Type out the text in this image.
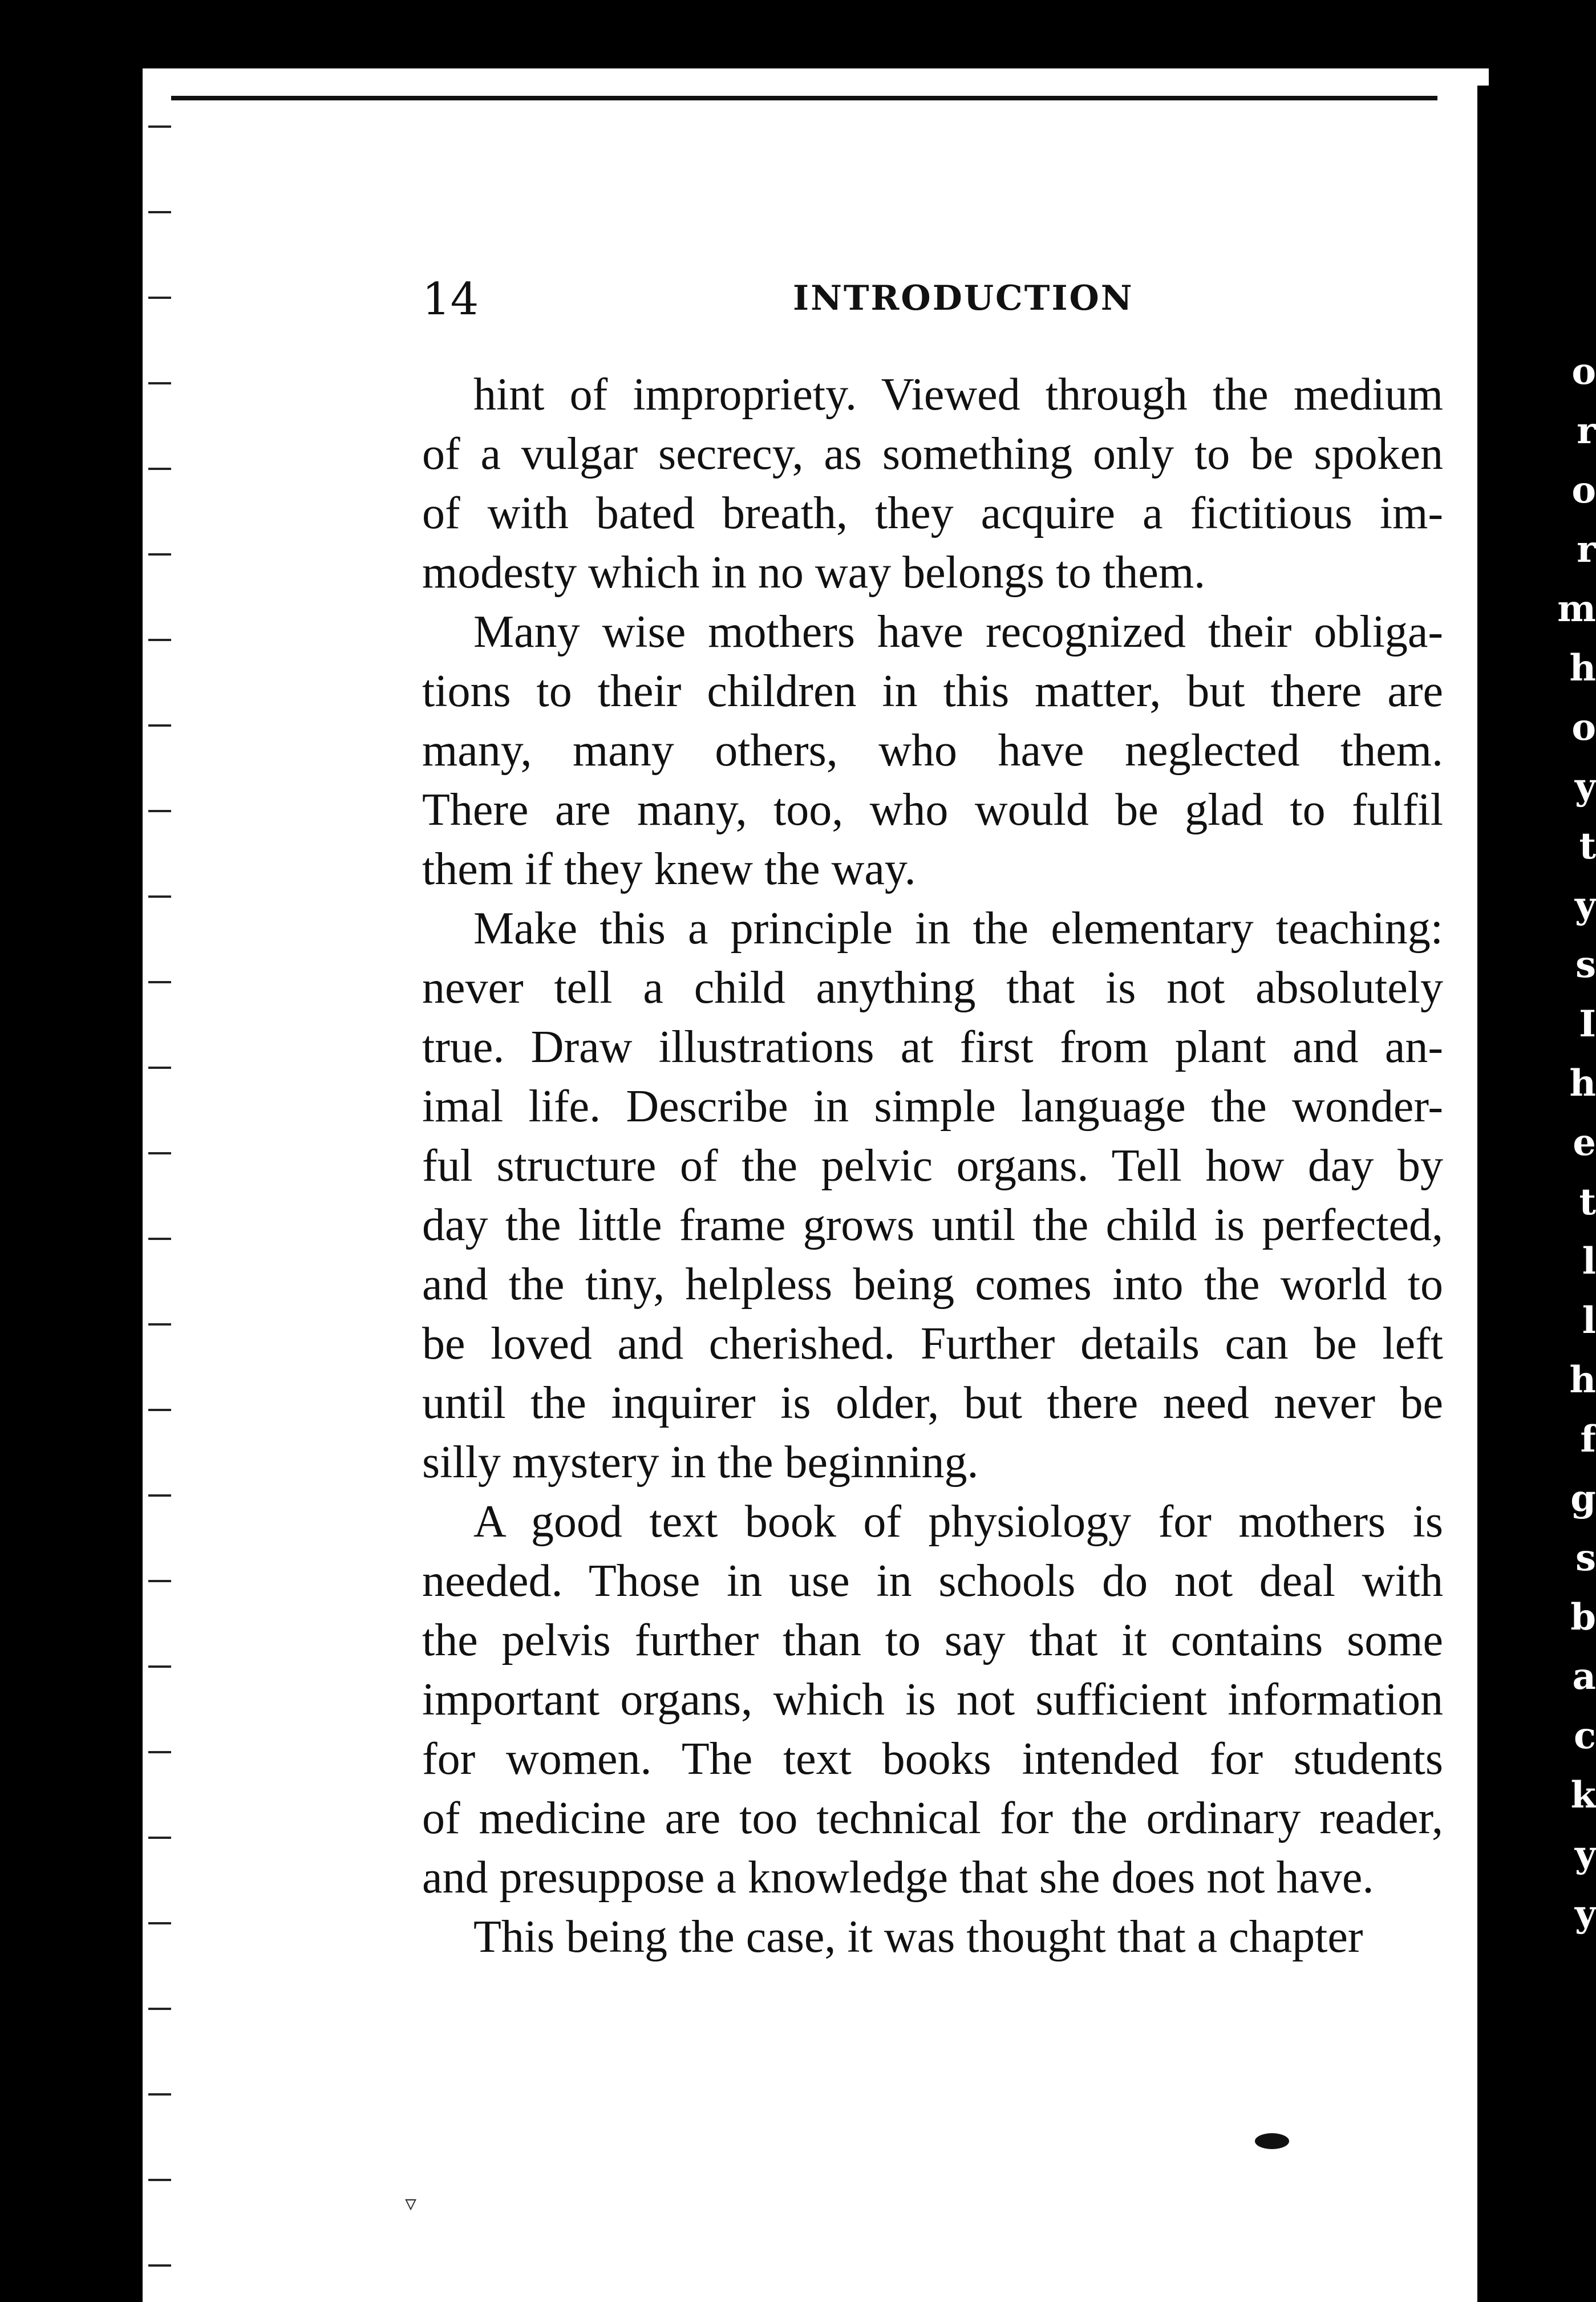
o
r
o
r
m
h
o
y
t
y
s
I
h
e
t
l
l
h
f
g
s
b
a
c
k
y
y
14	INTRODUCTION

hint of impropriety. Viewed through the medium
of a vulgar secrecy, as something only to be spoken
of with bated breath, they acquire a fictitious im-
modesty which in no way belongs to them.

Many wise mothers have recognized their obliga-
tions to their children in this matter, but there are
many, many others, who have neglected them.
There are many, too, who would be glad to fulfil
them if they knew the way.

Make this a principle in the elementary teaching:
never tell a child anything that is not absolutely
true. Draw illustrations at first from plant and an-
imal life. Describe in simple language the wonder-
ful structure of the pelvic organs. Tell how day by
day the little frame grows until the child is perfected,
and the tiny, helpless being comes into the world to
be loved and cherished. Further details can be left
until the inquirer is older, but there need never be
silly mystery in the beginning.

A good text book of physiology for mothers is
needed. Those in use in schools do not deal with
the pelvis further than to say that it contains some
important organs, which is not sufficient information
for women. The text books intended for students
of medicine are too technical for the ordinary reader,
and presuppose a knowledge that she does not have.

This being the case, it was thought that a chapter

▿
